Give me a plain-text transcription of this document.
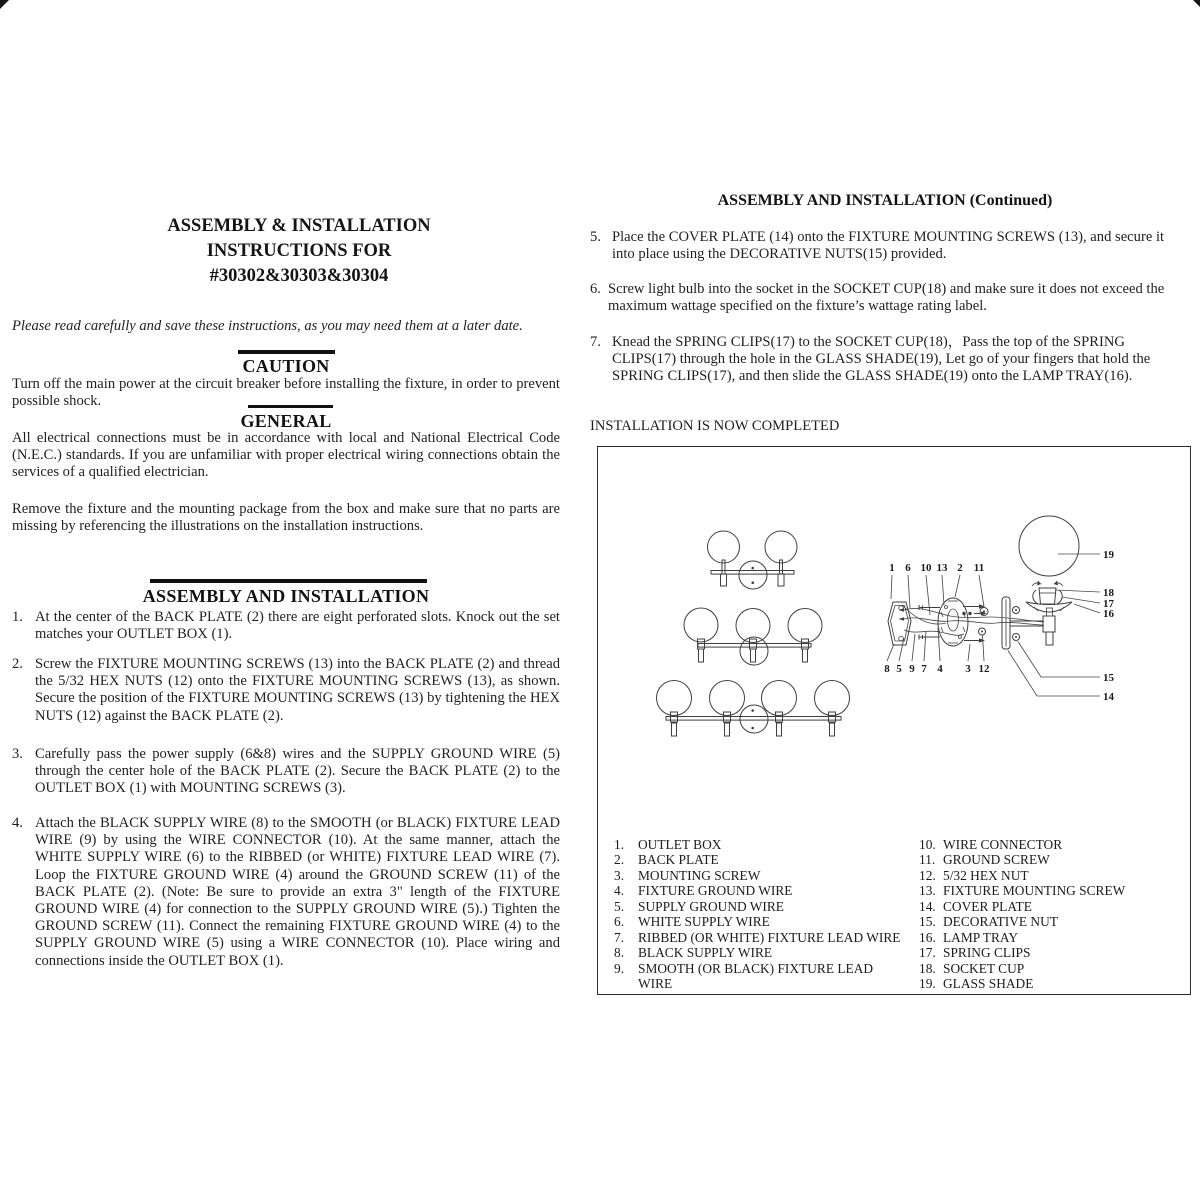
ASSEMBLY & INSTALLATION
INSTRUCTIONS FOR
#30302&30303&30304
Please read carefully and save these instructions, as you may need them at a later date.
CAUTION
Turn off the main power at the circuit breaker before installing the fixture, in order to prevent possible shock.
GENERAL
All electrical connections must be in accordance with local and National Electrical Code (N.E.C.) standards. If you are unfamiliar with proper electrical wiring connections obtain the services of a qualified electrician.
Remove the fixture and the mounting package from the box and make sure that no parts are missing by referencing the illustrations on the installation instructions.
ASSEMBLY AND INSTALLATION
1. At the center of the BACK PLATE (2) there are eight perforated slots. Knock out the set matches your OUTLET BOX (1).
2. Screw the FIXTURE MOUNTING SCREWS (13) into the BACK PLATE (2) and thread the 5/32 HEX NUTS (12) onto the FIXTURE MOUNTING SCREWS (13), as shown. Secure the position of the FIXTURE MOUNTING SCREWS (13) by tightening the HEX NUTS (12) against the BACK PLATE (2).
3. Carefully pass the power supply (6&8) wires and the SUPPLY GROUND WIRE (5) through the center hole of the BACK PLATE (2). Secure the BACK PLATE (2) to the OUTLET BOX (1) with MOUNTING SCREWS (3).
4. Attach the BLACK SUPPLY WIRE (8) to the SMOOTH (or BLACK) FIXTURE LEAD WIRE (9) by using the WIRE CONNECTOR (10). At the same manner, attach the WHITE SUPPLY WIRE (6) to the RIBBED (or WHITE) FIXTURE LEAD WIRE (7). Loop the FIXTURE GROUND WIRE (4) around the GROUND SCREW (11) of the BACK PLATE (2). (Note: Be sure to provide an extra 3" length of the FIXTURE GROUND WIRE (4) for connection to the SUPPLY GROUND WIRE (5).) Tighten the GROUND SCREW (11). Connect the remaining FIXTURE GROUND WIRE (4) to the SUPPLY GROUND WIRE (5) using a WIRE CONNECTOR (10). Place wiring and connections inside the OUTLET BOX (1).
ASSEMBLY AND INSTALLATION (Continued)
5. Place the COVER PLATE (14) onto the FIXTURE MOUNTING SCREWS (13), and secure it into place using the DECORATIVE NUTS(15) provided.
6. Screw light bulb into the socket in the SOCKET CUP(18) and make sure it does not exceed the maximum wattage specified on the fixture’s wattage rating label.
7. Knead the SPRING CLIPS(17) to the SOCKET CUP(18)，Pass the top of the SPRING CLIPS(17) through the hole in the GLASS SHADE(19), Let go of your fingers that hold the SPRING CLIPS(17), and then slide the GLASS SHADE(19) onto the LAMP TRAY(16).
INSTALLATION IS NOW COMPLETED
1 6 10 13 2 11
8 5 9 7 4 3 12
19
18
17
16
15
14
1.	OUTLET BOX
2.	BACK PLATE
3.	MOUNTING SCREW
4.	FIXTURE GROUND WIRE
5.	SUPPLY GROUND WIRE
6.	WHITE SUPPLY WIRE
7.	RIBBED (OR WHITE) FIXTURE LEAD WIRE
8.	BLACK SUPPLY WIRE
9.	SMOOTH (OR BLACK) FIXTURE LEAD WIRE
10. WIRE CONNECTOR
11. GROUND SCREW
12. 5/32 HEX NUT
13. FIXTURE MOUNTING SCREW
14. COVER PLATE
15. DECORATIVE NUT
16. LAMP TRAY
17. SPRING CLIPS
18. SOCKET CUP
19. GLASS SHADE
